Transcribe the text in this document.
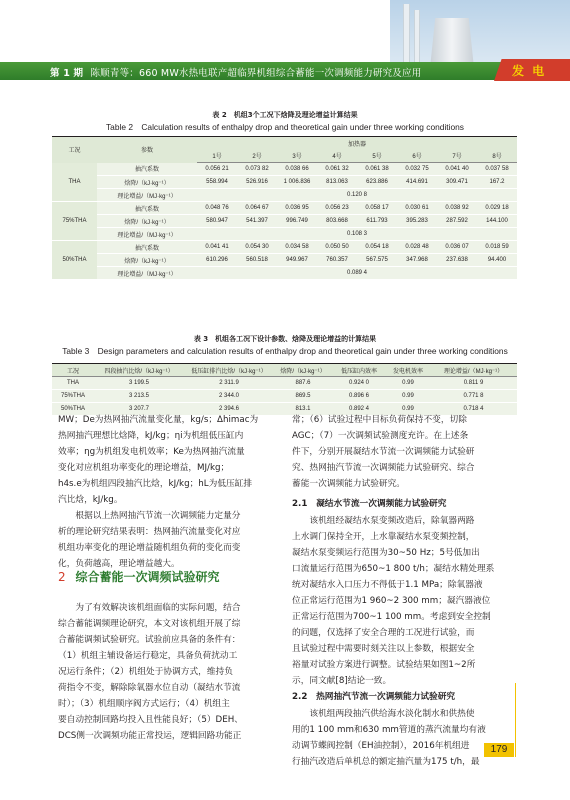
第 1 期 陈顺青等：660 MW水热电联产超临界机组综合蓄能一次调频能力研究及应用	发 电
表 2　机组3个工况下焓降及理论增益计算结果
Table 2　Calculation results of enthalpy drop and theoretical gain under three working conditions
工况	参数	加热器							
		1号	2号	3号	4号	5号	6号	7号	8号
THA	抽汽系数	0.056 21	0.073 82	0.038 66	0.061 32	0.061 38	0.032 75	0.041 40	0.037 58
	焓降/（kJ·kg⁻¹）	558.994	526.916	1 006.836	813.063	623.886	414.691	309.471	167.2
	理论增益/（MJ·kg⁻¹）	0.120 8							
75%THA	抽汽系数	0.048 76	0.064 67	0.036 95	0.056 23	0.058 17	0.030 61	0.038 92	0.029 18
	焓降/（kJ·kg⁻¹）	580.947	541.397	996.749	803.668	611.793	395.283	287.592	144.100
	理论增益/（MJ·kg⁻¹）	0.108 3							
50%THA	抽汽系数	0.041 41	0.054 30	0.034 58	0.050 50	0.054 18	0.028 48	0.036 07	0.018 59
	焓降/（kJ·kg⁻¹）	610.296	560.518	949.967	760.357	567.575	347.968	237.638	94.400
	理论增益/（MJ·kg⁻¹）	0.089 4							
表 3　机组各工况下设计参数、焓降及理论增益的计算结果
Table 3　Design parameters and calculation results of enthalpy drop and theoretical gain under three working conditions
工况	四段抽汽比焓/（kJ·kg⁻¹）	低压缸排汽比焓/（kJ·kg⁻¹）	焓降/（kJ·kg⁻¹）	低压缸内效率	发电机效率	理论增益/（MJ·kg⁻¹）
THA	3 199.5	2 311.9	887.6	0.924 0	0.99	0.811 9
75%THA	3 213.5	2 344.0	869.5	0.896 6	0.99	0.771 8
50%THA	3 207.7	2 394.6	813.1	0.892 4	0.99	0.718 4

MW；De为热网抽汽流量变化量，kg/s；Δhimac为

热网抽汽理想比焓降，kJ/kg；ηi为机组低压缸内

效率；ηg为机组发电机效率；Ke为热网抽汽流量

变化对应机组功率变化的理论增益，MJ/kg；

h4s.e为机组四段抽汽比焓，kJ/kg；hL为低压缸排

汽比焓，kJ/kg。

根据以上热网抽汽节流一次调频能力定量分

析的理论研究结果表明：热网抽汽流量变化对应

机组功率变化的理论增益随机组负荷的变化而变

化，负荷越高，理论增益越大。

2 综合蓄能一次调频试验研究

为了有效解决该机组面临的实际问题，结合

综合蓄能调频理论研究，本文对该机组开展了综

合蓄能调频试验研究。试验前应具备的条件有：

（1）机组主辅设备运行稳定，具备负荷扰动工

况运行条件；（2）机组处于协调方式，维持负

荷指令不变，解除除氧器水位自动（凝结水节流

时）；（3）机组顺序阀方式运行；（4）机组主

要自动控制回路均投入且性能良好；（5）DEH、

DCS侧一次调频功能正常投运，逻辑回路功能正

常；（6）试验过程中目标负荷保持不变，切除

AGC；（7）一次调频试验测度充许。在上述条

件下，分别开展凝结水节流一次调频能力试验研

究、热网抽汽节流一次调频能力试验研究、综合

蓄能一次调频能力试验研究。

2.1　凝结水节流一次调频能力试验研究

该机组经凝结水泵变频改造后，除氧器两路

上水调门保持全开，上水靠凝结水泵变频控制，

凝结水泵变频运行范围为30~50 Hz；5号低加出

口流量运行范围为650~1 800 t/h；凝结水精处理系

统对凝结水入口压力不得低于1.1 MPa；除氧器液

位正常运行范围为1 960~2 300 mm；凝汽器液位

正常运行范围为700~1 100 mm。考虑到安全控制

的问题，仅选择了安全合理的工况进行试验，而

且试验过程中需要时刻关注以上参数，根据安全

裕量对试验方案进行调整。试验结果如图1~2所

示，同文献[8]结论一致。

2.2　热网抽汽节流一次调频能力试验研究

该机组两段抽汽供给海水淡化制水和供热使

用的1 100 mm和630 mm管道的蒸汽流量均有液

动调节蝶阀控制（EH油控制），2016年机组进

行抽汽改造后单机总的额定抽汽量为175 t/h，最

179
